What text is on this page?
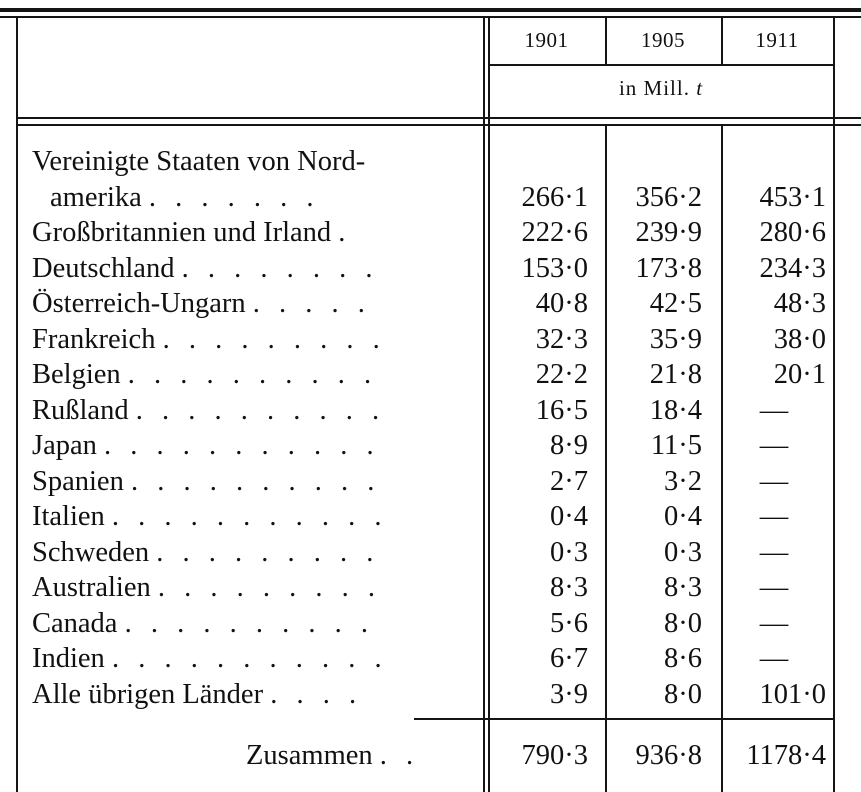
1901	1905	1911
in Mill. t
Vereinigte Staaten von Nord-
amerika . . . . . . .	266·1	356·2	453·1
Großbritannien und Irland .	222·6	239·9	280·6
Deutschland . . . . . . . .	153·0	173·8	234·3
Österreich-Ungarn . . . . .	40·8	42·5	48·3
Frankreich . . . . . . . . .	32·3	35·9	38·0
Belgien . . . . . . . . . .	22·2	21·8	20·1
Rußland . . . . . . . . . .	16·5	18·4	—
Japan . . . . . . . . . . .	8·9	11·5	—
Spanien . . . . . . . . . .	2·7	3·2	—
Italien . . . . . . . . . . .	0·4	0·4	—
Schweden . . . . . . . . .	0·3	0·3	—
Australien . . . . . . . . .	8·3	8·3	—
Canada . . . . . . . . . .	5·6	8·0	—
Indien . . . . . . . . . . .	6·7	8·6	—
Alle übrigen Länder . . . .	3·9	8·0	101·0
Zusammen . .	790·3	936·8	1178·4
